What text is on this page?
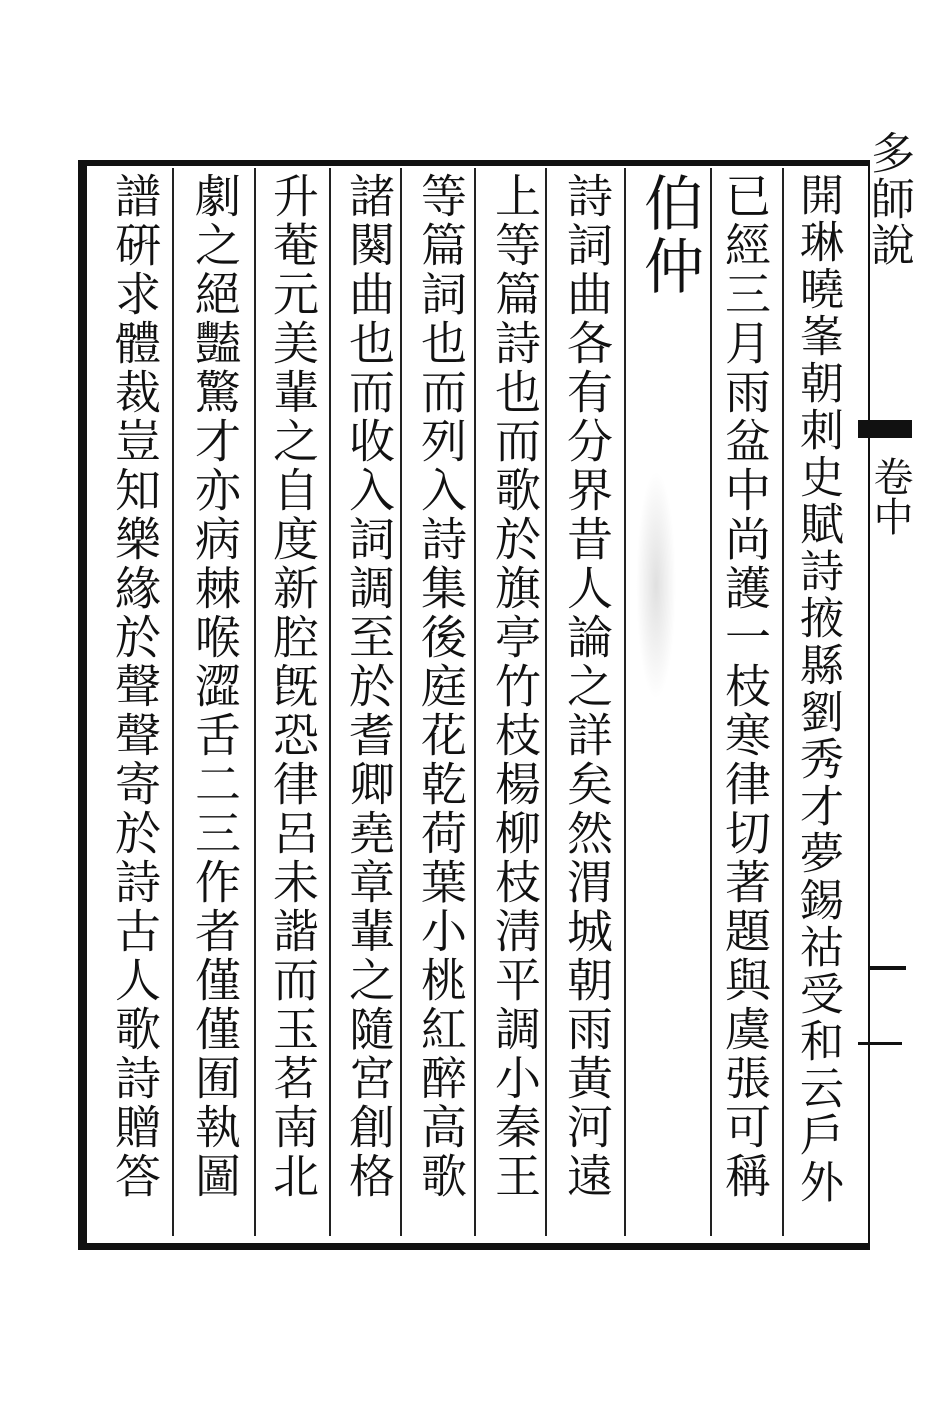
多師說
卷中
開琳曉峯朝刺史賦詩掖縣劉秀才夢錫祜受和云戶外
已經三月雨盆中尚護一枝寒律切著題與虞張可稱
伯仲
詩詞曲各有分界昔人論之詳矣然渭城朝雨黃河遠
上等篇詩也而歌於旗亭竹枝楊柳枝淸平調小秦王
等篇詞也而列入詩集後庭花乾荷葉小桃紅醉高歌
諸闋曲也而收入詞調至於耆卿堯章輩之隨宮創格
升菴元美輩之自度新腔旣恐律呂未諧而玉茗南北
劇之絕豔驚才亦病棘喉澀舌二三作者僅僅囿執圖
譜硏求體裁豈知樂緣於聲聲寄於詩古人歌詩贈答
